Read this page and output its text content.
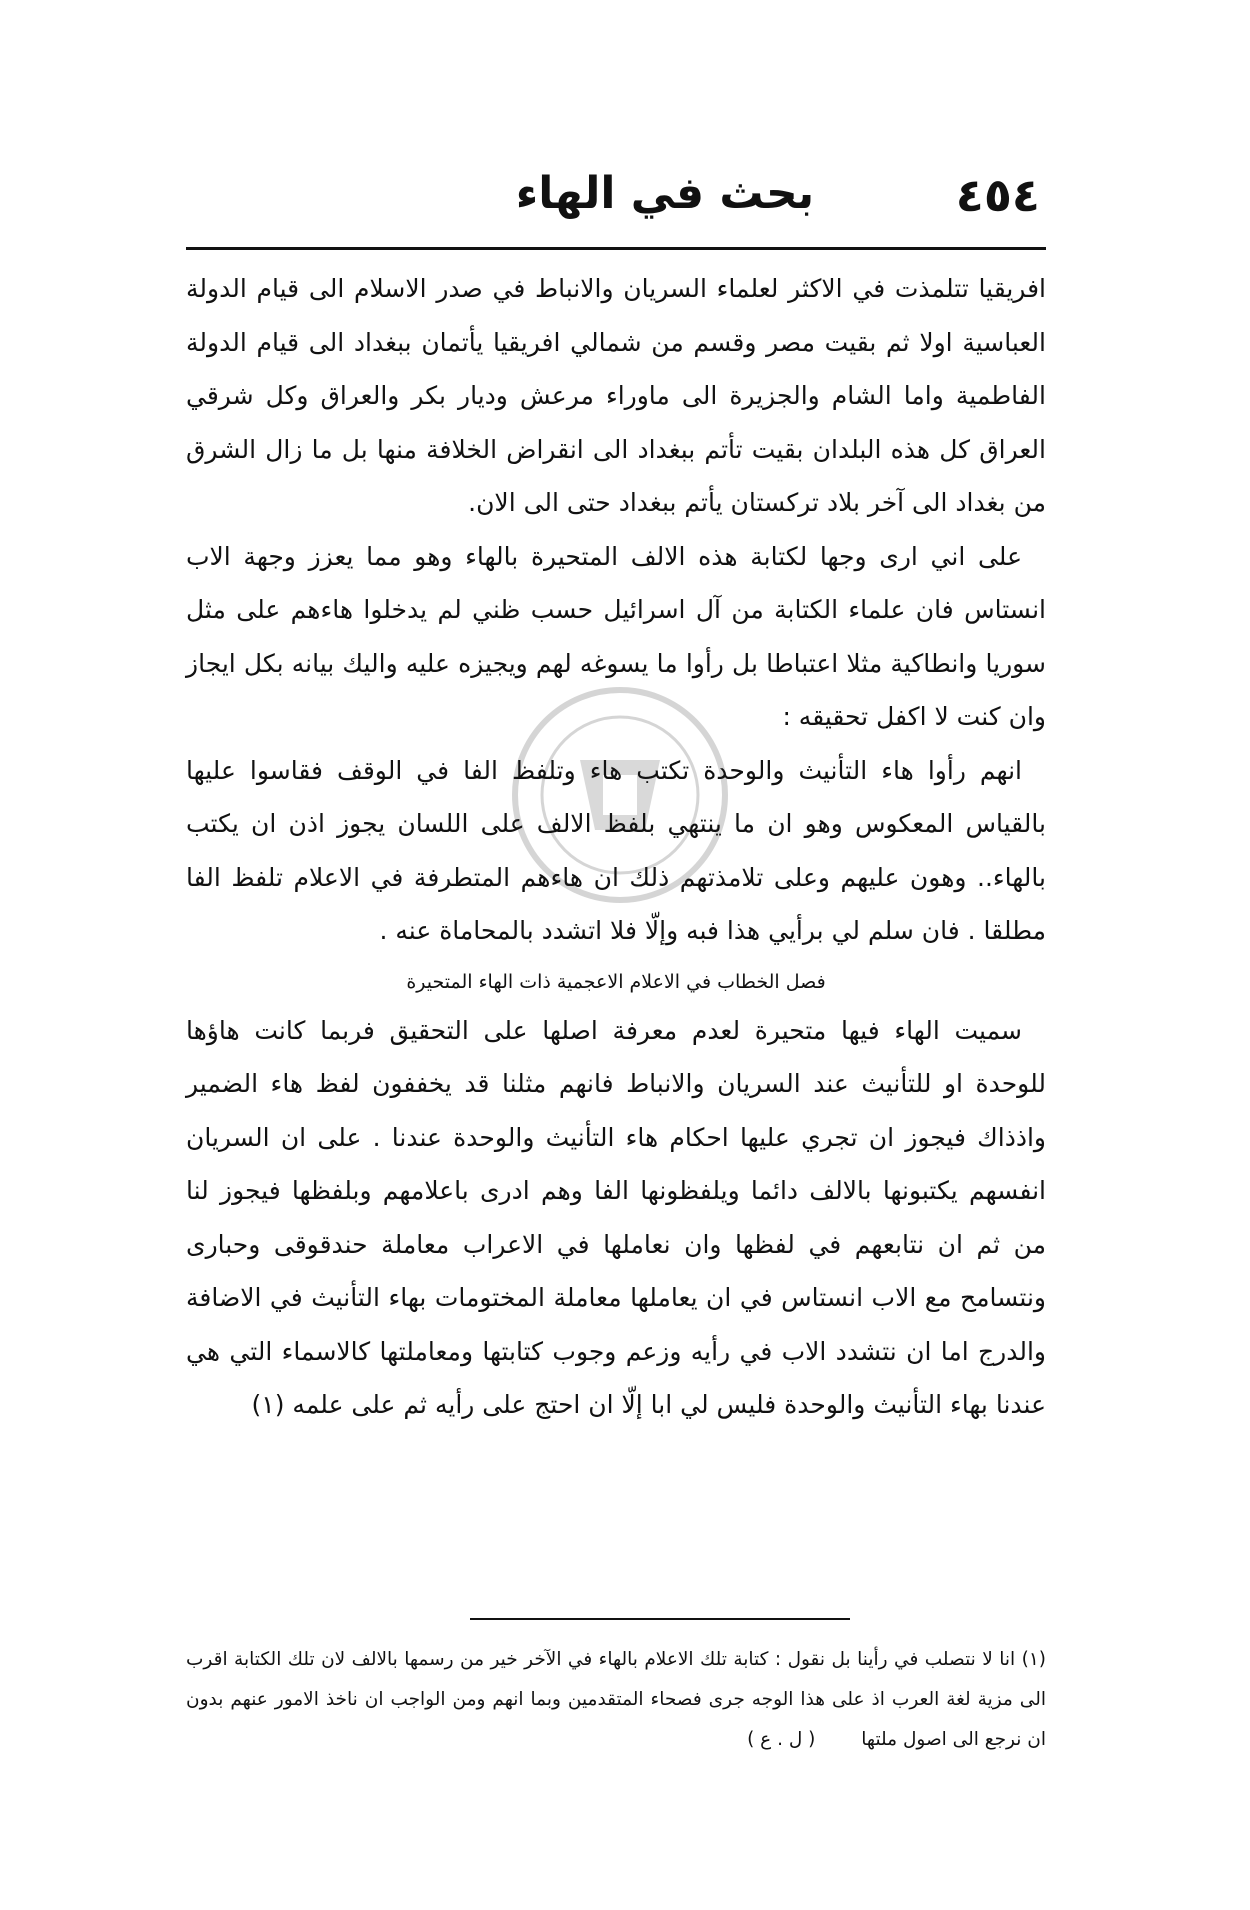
٤٥٤
بحث في الهاء

افريقيا تتلمذت في الاكثر لعلماء السريان والانباط في صدر الاسلام الى قيام الدولة العباسية اولا ثم بقيت مصر وقسم من شمالي افريقيا يأتمان ببغداد الى قيام الدولة الفاطمية واما الشام والجزيرة الى ماوراء مرعش وديار بكر والعراق وكل شرقي العراق كل هذه البلدان بقيت تأتم ببغداد الى انقراض الخلافة منها بل ما زال الشرق من بغداد الى آخر بلاد تركستان يأتم ببغداد حتى الى الان.

على اني ارى وجها لكتابة هذه الالف المتحيرة بالهاء وهو مما يعزز وجهة الاب انستاس فان علماء الكتابة من آل اسرائيل حسب ظني لم يدخلوا هاءهم على مثل سوريا وانطاكية مثلا اعتباطا بل رأوا ما يسوغه لهم ويجيزه عليه واليك بيانه بكل ايجاز وان كنت لا اكفل تحقيقه :

انهم رأوا هاء التأنيث والوحدة تكتب هاء وتلفظ الفا في الوقف فقاسوا عليها بالقياس المعكوس وهو ان ما ينتهي بلفظ الالف على اللسان يجوز اذن ان يكتب بالهاء.. وهون عليهم وعلى تلامذتهم ذلك ان هاءهم المتطرفة في الاعلام تلفظ الفا مطلقا . فان سلم لي برأيي هذا فبه وإلّا فلا اتشدد بالمحاماة عنه .

فصل الخطاب في الاعلام الاعجمية ذات الهاء المتحيرة

سميت الهاء فيها متحيرة لعدم معرفة اصلها على التحقيق فربما كانت هاؤها للوحدة او للتأنيث عند السريان والانباط فانهم مثلنا قد يخففون لفظ هاء الضمير واذذاك فيجوز ان تجري عليها احكام هاء التأنيث والوحدة عندنا . على ان السريان انفسهم يكتبونها بالالف دائما ويلفظونها الفا وهم ادرى باعلامهم وبلفظها فيجوز لنا من ثم ان نتابعهم في لفظها وان نعاملها في الاعراب معاملة حندقوقى وحبارى ونتسامح مع الاب انستاس في ان يعاملها معاملة المختومات بهاء التأنيث في الاضافة والدرج اما ان نتشدد الاب في رأيه وزعم وجوب كتابتها ومعاملتها كالاسماء التي هي عندنا بهاء التأنيث والوحدة فليس لي ابا إلّا ان احتج على رأيه ثم على علمه (١)

(١) انا لا نتصلب في رأينا بل نقول : كتابة تلك الاعلام بالهاء في الآخر خير من رسمها بالالف لان تلك الكتابة اقرب الى مزية لغة العرب اذ على هذا الوجه جرى فصحاء المتقدمين وبما انهم ومن الواجب ان ناخذ الامور عنهم بدون ان نرجع الى اصول ملتها ( ل . ع )
